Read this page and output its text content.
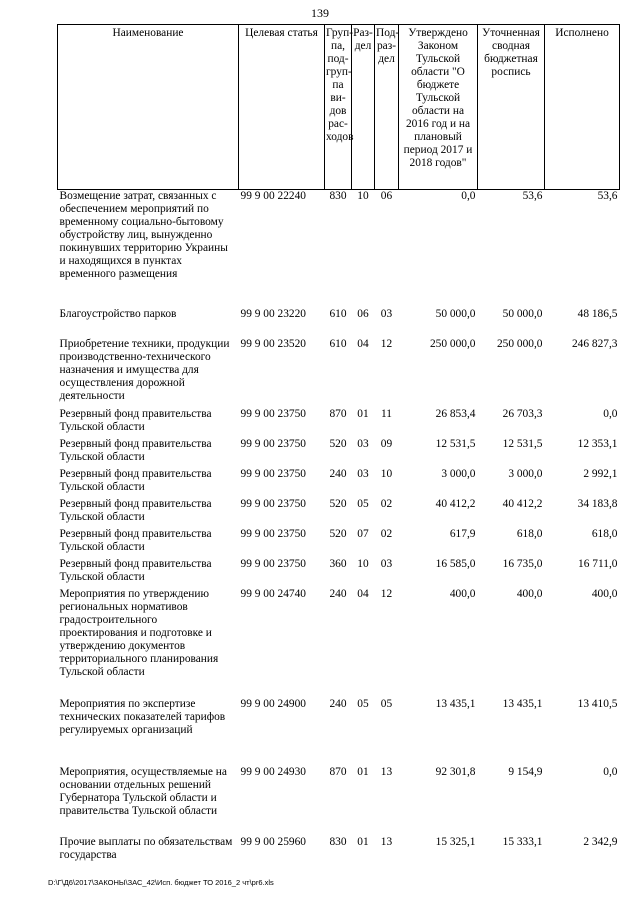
139
Наименование	Целевая статья	Груп-па, под-груп-па ви-дов рас-ходов	Раз-дел	Под-раз-дел	Утверждено Законом Тульской области "О бюджете Тульской области на 2016 год и на плановый период 2017 и 2018 годов"	Уточненная сводная бюджетная роспись	Исполнено
Возмещение затрат, связанных с обеспечением мероприятий по временному социально-бытовому обустройству лиц, вынужденно покинувших территорию Украины и находящихся в пунктах временного размещения	99 9 00 22240	830	10	06	0,0	53,6	53,6
Благоустройство парков	99 9 00 23220	610	06	03	50 000,0	50 000,0	48 186,5
Приобретение техники, продукции производственно-технического назначения и имущества для осуществления дорожной деятельности	99 9 00 23520	610	04	12	250 000,0	250 000,0	246 827,3
Резервный фонд правительства Тульской области	99 9 00 23750	870	01	11	26 853,4	26 703,3	0,0
Резервный фонд правительства Тульской области	99 9 00 23750	520	03	09	12 531,5	12 531,5	12 353,1
Резервный фонд правительства Тульской области	99 9 00 23750	240	03	10	3 000,0	3 000,0	2 992,1
Резервный фонд правительства Тульской области	99 9 00 23750	520	05	02	40 412,2	40 412,2	34 183,8
Резервный фонд правительства Тульской области	99 9 00 23750	520	07	02	617,9	618,0	618,0
Резервный фонд правительства Тульской области	99 9 00 23750	360	10	03	16 585,0	16 735,0	16 711,0
Мероприятия по утверждению региональных нормативов градостроительного проектирования и подготовке и утверждению документов территориального планирования Тульской области	99 9 00 24740	240	04	12	400,0	400,0	400,0
Мероприятия по экспертизе технических показателей тарифов регулируемых организаций	99 9 00 24900	240	05	05	13 435,1	13 435,1	13 410,5
Мероприятия, осуществляемые на основании отдельных решений Губернатора Тульской области и правительства Тульской области	99 9 00 24930	870	01	13	92 301,8	9 154,9	0,0
Прочие выплаты по обязательствам государства	99 9 00 25960	830	01	13	15 325,1	15 333,1	2 342,9
D:\Г\Д6\2017\ЗАКОНЫ\ЗАС_42\Исп. бюджет ТО 2016_2 чт\pr6.xls
